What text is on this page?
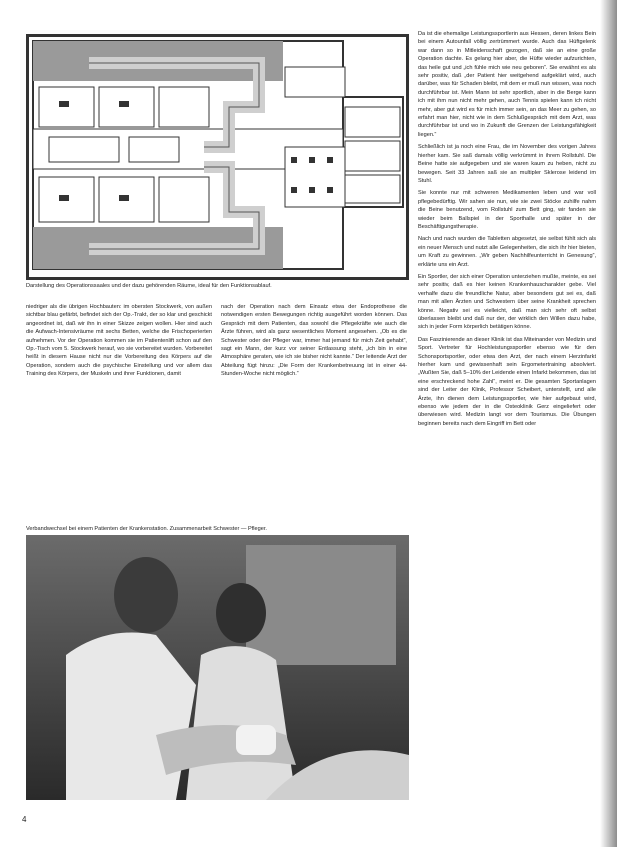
Darstellung des Operationssaales und der dazu gehörenden Räume, ideal für den Funktionsablauf.

niedriger als die übrigen Hochbauten: im obersten Stockwerk, von außen sichtbar blau gefärbt, befindet sich der Op.-Trakt, der so klar und geschickt angeordnet ist, daß wir ihn in einer Skizze zeigen wollen. Hier sind auch die Aufwach-Intensivräume mit sechs Betten, welche die Frischoperierten aufnehmen. Vor der Operation kommen sie im Patientenlift schon auf den Op.-Tisch vom 5. Stockwerk herauf, wo sie vorbereitet wurden. Vorbereitet heißt in diesem Hause nicht nur die Vorbereitung des Körpers auf die Operation, sondern auch die psychische Einstellung und vor allem das Training des Körpers, der Muskeln und ihrer Funktionen, damit

nach der Operation nach dem Einsatz etwa der Endoprothese die notwendigen ersten Bewegungen richtig ausgeführt worden können. Das Gespräch mit dem Patienten, das sowohl die Pflegekräfte wie auch die Ärzte führen, wird als ganz wesentliches Moment angesehen. „Ob es die Schwester oder der Pfleger war, immer hat jemand für mich Zeit gehabt“, sagt ein Mann, der kurz vor seiner Entlassung steht, „ich bin in eine Atmosphäre geraten, wie ich sie bisher nicht kannte.“ Der leitende Arzt der Abteilung fügt hinzu: „Die Form der Krankenbetreuung ist in einer 44-Stunden-Woche nicht möglich.“

Verbandwechsel bei einem Patienten der Krankenstation. Zusammenarbeit Schwester — Pfleger.

4

Da ist die ehemalige Leistungssportlerin aus Hessen, deren linkes Bein bei einem Autounfall völlig zertrümmert wurde. Auch das Hüftgelenk war dann so in Mitleidenschaft gezogen, daß sie an eine große Operation dachte. Es gelang hier aber, die Hüfte wieder aufzurichten, das heile gut und „ich fühle mich wie neu geboren“. Sie erwähnt es als sehr positiv, daß „der Patient hier weitgehend aufgeklärt wird, auch darüber, was für Schaden bleibt, mit dem er muß nun wissen, was noch durchführbar ist. Mein Mann ist sehr sportlich, aber in die Berge kann ich mit ihm nun nicht mehr gehen, auch Tennis spielen kann ich nicht mehr, aber gut wird es für mich immer sein, an das Meer zu gehen, so erfahrt man hier, nicht wie in dem Schlußgespräch mit dem Arzt, was durchführbar ist und wo in Zukunft die Grenzen der Leistungsfähigkeit liegen.“

Schließlich ist ja noch eine Frau, die im November des vorigen Jahres hierher kam. Sie saß damals völlig verkrümmt in ihrem Rollstuhl. Die Beine hatte sie aufgegeben und sie waren kaum zu heben, nicht zu bewegen. Seit 33 Jahren saß sie an multipler Sklerose leidend im Stuhl.

Sie konnte nur mit schweren Medikamenten leben und war voll pflegebedürftig. Wir sahen sie nun, wie sie zwei Stöcke zuhilfe nahm die Beine benutzend, vom Rollstuhl zum Bett ging, wir fanden sie wieder beim Ballspiel in der Sporthalle und später in der Beschäftigungstherapie.

Nach und nach wurden die Tabletten abgesetzt, sie selbst fühlt sich als ein neuer Mensch und nutzt alle Gelegenheiten, die sich ihr hier bieten, um Kraft zu gewinnen. „Wir geben Nachhilfeunterricht in Genesung“, erklärte uns ein Arzt.

Ein Sportler, der sich einer Operation unterziehen mußte, meinte, es sei sehr positiv, daß es hier keinen Krankenhauscharakter gebe. Viel verhalfe dazu die freundliche Natur, aber besonders gut sei es, daß man mit allen Ärzten und Schwestern über seine Krankheit sprechen könne. Negativ sei es vielleicht, daß man sich sehr oft selbst überlassen bleibt und daß nur der, der wirklich den Willen dazu habe, sich in jeder Form körperlich betätigen könne.

Das Faszinierende an dieser Klinik ist das Miteinander von Medizin und Sport. Vertreter für Hochleistungssportler ebenso wie für den Schonsportsportler, oder etwa den Arzt, der nach einem Herzinfarkt hierher kam und gewissenhaft sein Ergometertraining absolviert. „Wußten Sie, daß 5–10% der Leidende einen Infarkt bekommen, das ist eine erschreckend hohe Zahl“, meint er. Die gesamten Sportanlagen sind der Leiter der Klinik, Professor Scheibert, unterstellt, und alle Ärzte, ihn dienen dem Leistungssportler, wie hier aufgebaut wird, ebenso wie jedem der in die Osteoklinik Gerz eingeliefert oder überwiesen wird. Medizin langt vor dem Tourismus. Die Übungen beginnen bereits nach dem Eingriff im Bett oder
